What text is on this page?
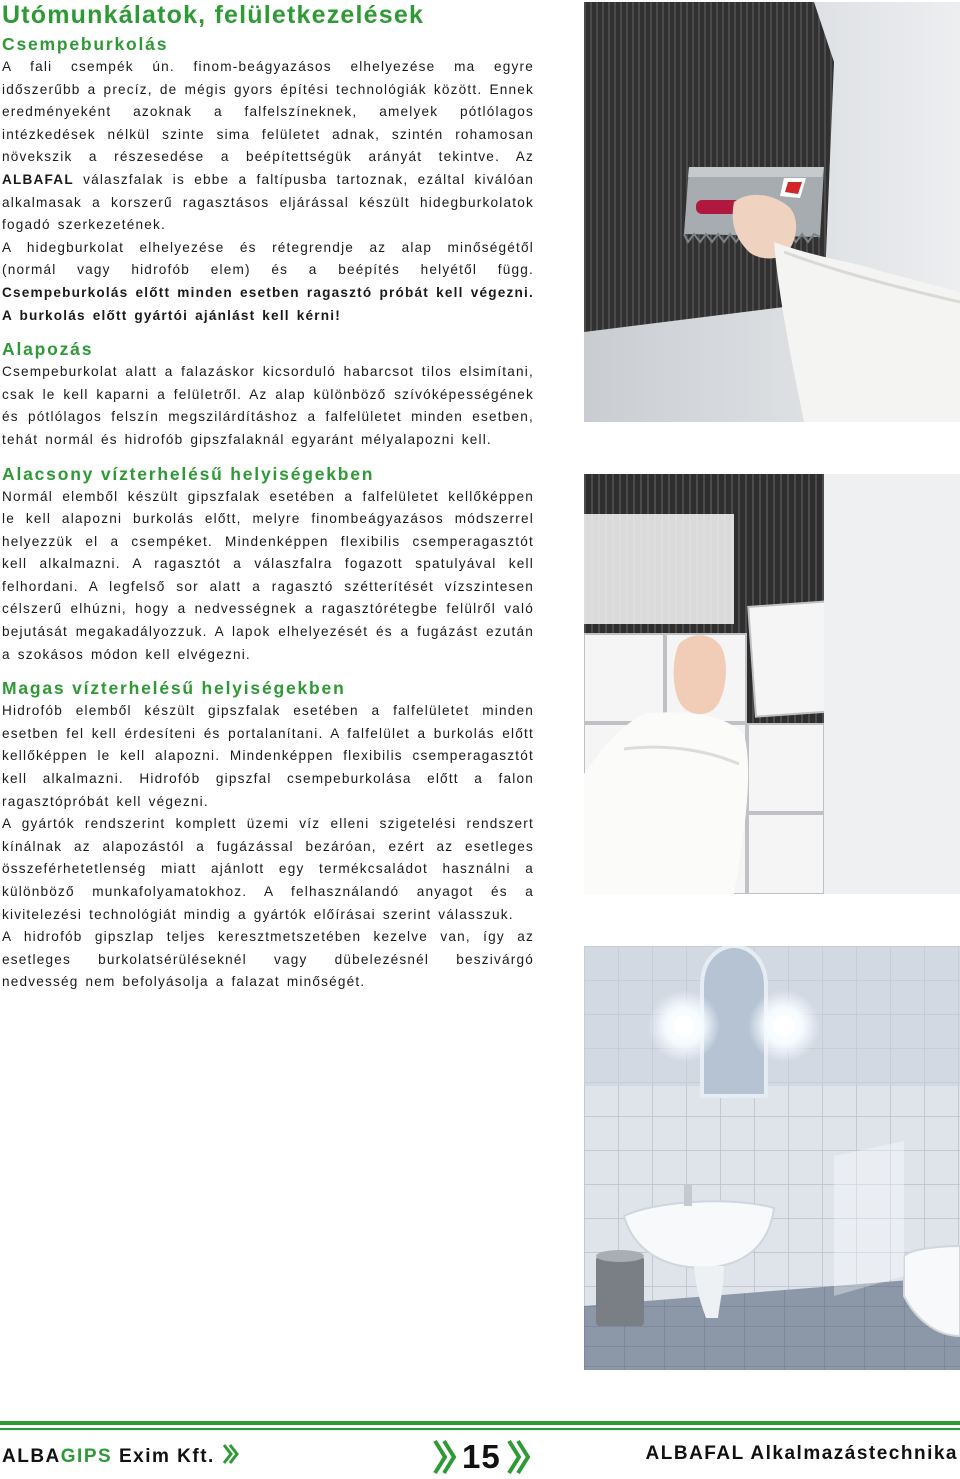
Utómunkálatok, felületkezelések
Csempeburkolás

A fali csempék ún. finom-beágyazásos elhelyezése ma egyre időszerűbb a precíz, de mégis gyors építési technológiák között. Ennek eredményeként azoknak a falfelszíneknek, amelyek pótlólagos intézkedések nélkül szinte sima felületet adnak, szintén rohamosan növekszik a részesedése a beépítettségük arányát tekintve. Az ALBAFAL válaszfalak is ebbe a faltípusba tartoznak, ezáltal kiválóan alkalmasak a korszerű ragasztásos eljárással készült hidegburkolatok fogadó szerkezetének.

A hidegburkolat elhelyezése és rétegrendje az alap minőségétől (normál vagy hidrofób elem) és a beépítés helyétől függ. Csempeburkolás előtt minden esetben ragasztó próbát kell végezni. A burkolás előtt gyártói ajánlást kell kérni!

Alapozás

Csempeburkolat alatt a falazáskor kicsorduló habarcsot tilos elsimítani, csak le kell kaparni a felületről. Az alap különböző szívóképességének és pótlólagos felszín megszilárdításhoz a falfelületet minden esetben, tehát normál és hidrofób gipszfalaknál egyaránt mélyalapozni kell.

Alacsony vízterhelésű helyiségekben

Normál elemből készült gipszfalak esetében a falfelületet kellőképpen le kell alapozni burkolás előtt, melyre finombeágyazásos módszerrel helyezzük el a csempéket. Mindenképpen flexibilis csemperagasztót kell alkalmazni. A ragasztót a válaszfalra fogazott spatulyával kell felhordani. A legfelső sor alatt a ragasztó szétterítését vízszintesen célszerű elhúzni, hogy a nedvességnek a ragasztórétegbe felülről való bejutását megakadályozzuk. A lapok elhelyezését és a fugázást ezután a szokásos módon kell elvégezni.

Magas vízterhelésű helyiségekben

Hidrofób elemből készült gipszfalak esetében a falfelületet minden esetben fel kell érdesíteni és portalanítani. A falfelület a burkolás előtt kellőképpen le kell alapozni. Mindenképpen flexibilis csemperagasztót kell alkalmazni. Hidrofób gipszfal csempeburkolása előtt a falon ragasztópróbát kell végezni.

A gyártók rendszerint komplett üzemi víz elleni szigetelési rendszert kínálnak az alapozástól a fugázással bezáróan, ezért az esetleges összeférhetetlenség miatt ajánlott egy termékcsaládot használni a különböző munkafolyamatokhoz. A felhasználandó anyagot és a kivitelezési technológiát mindig a gyártók előírásai szerint válasszuk.

A hidrofób gipszlap teljes keresztmetszetében kezelve van, így az esetleges burkolatsérüléseknél vagy dübelezésnél beszivárgó nedvesség nem befolyásolja a falazat minőségét.

ALBAGIPS Exim Kft.	15	ALBAFAL Alkalmazástechnika
